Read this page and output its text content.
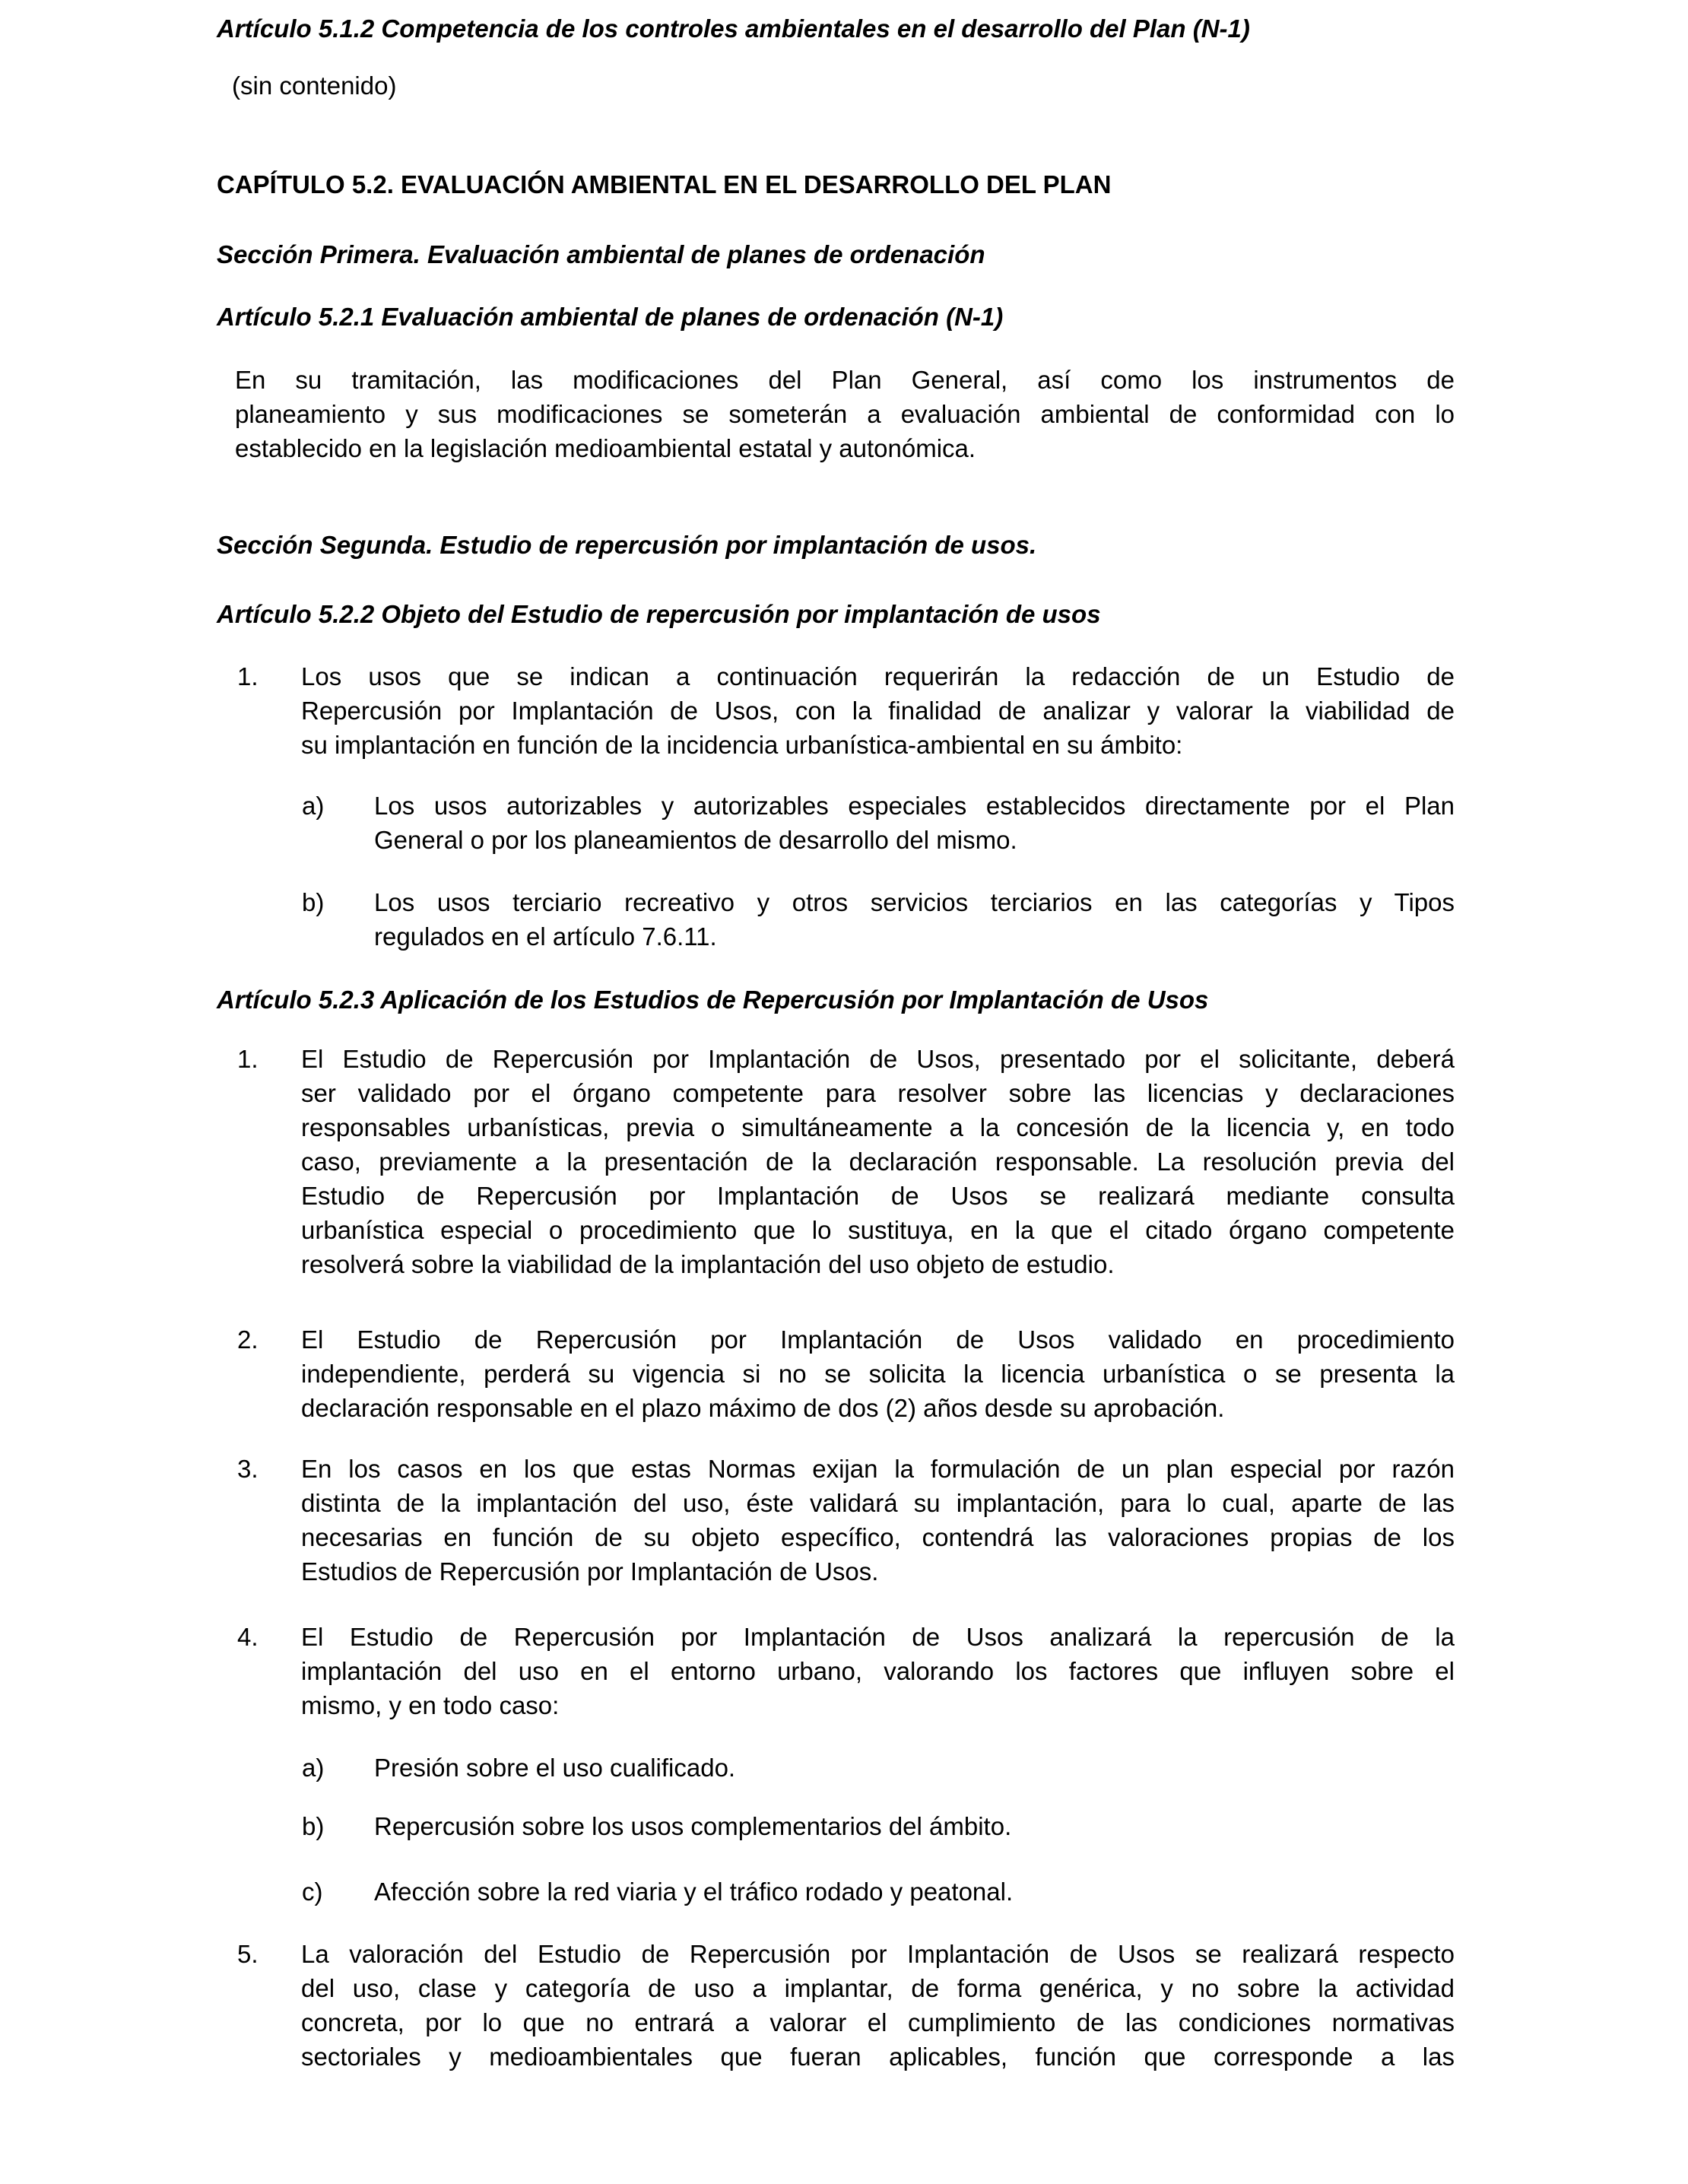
Artículo 5.1.2 Competencia de los controles ambientales en el desarrollo del Plan (N-1)
(sin contenido)
CAPÍTULO 5.2. EVALUACIÓN AMBIENTAL EN EL DESARROLLO DEL PLAN
Sección Primera. Evaluación ambiental de planes de ordenación
Artículo 5.2.1 Evaluación ambiental de planes de ordenación (N-1)
En su tramitación, las modificaciones del Plan General, así como los instrumentos de
planeamiento y sus modificaciones se someterán a evaluación ambiental de conformidad con lo
establecido en la legislación medioambiental estatal y autonómica.
Sección Segunda. Estudio de repercusión por implantación de usos.
Artículo 5.2.2 Objeto del Estudio de repercusión por implantación de usos
1.	Los usos que se indican a continuación requerirán la redacción de un Estudio de
Repercusión por Implantación de Usos, con la finalidad de analizar y valorar la viabilidad de
su implantación en función de la incidencia urbanística-ambiental en su ámbito:
a)	Los usos autorizables y autorizables especiales establecidos directamente por el Plan
General o por los planeamientos de desarrollo del mismo.
b)	Los usos terciario recreativo y otros servicios terciarios en las categorías y Tipos
regulados en el artículo 7.6.11.
Artículo 5.2.3 Aplicación de los Estudios de Repercusión por Implantación de Usos
1.	El Estudio de Repercusión por Implantación de Usos, presentado por el solicitante, deberá
ser validado por el órgano competente para resolver sobre las licencias y declaraciones
responsables urbanísticas, previa o simultáneamente a la concesión de la licencia y, en todo
caso, previamente a la presentación de la declaración responsable. La resolución previa del
Estudio de Repercusión por Implantación de Usos se realizará mediante consulta
urbanística especial o procedimiento que lo sustituya, en la que el citado órgano competente
resolverá sobre la viabilidad de la implantación del uso objeto de estudio.
2.	El Estudio de Repercusión por Implantación de Usos validado en procedimiento
independiente, perderá su vigencia si no se solicita la licencia urbanística o se presenta la
declaración responsable en el plazo máximo de dos (2) años desde su aprobación.
3.	En los casos en los que estas Normas exijan la formulación de un plan especial por razón
distinta de la implantación del uso, éste validará su implantación, para lo cual, aparte de las
necesarias en función de su objeto específico, contendrá las valoraciones propias de los
Estudios de Repercusión por Implantación de Usos.
4.	El Estudio de Repercusión por Implantación de Usos analizará la repercusión de la
implantación del uso en el entorno urbano, valorando los factores que influyen sobre el
mismo, y en todo caso:
a)	Presión sobre el uso cualificado.
b)	Repercusión sobre los usos complementarios del ámbito.
c)	Afección sobre la red viaria y el tráfico rodado y peatonal.
5.	La valoración del Estudio de Repercusión por Implantación de Usos se realizará respecto
del uso, clase y categoría de uso a implantar, de forma genérica, y no sobre la actividad
concreta, por lo que no entrará a valorar el cumplimiento de las condiciones normativas
sectoriales y medioambientales que fueran aplicables, función que corresponde a las
